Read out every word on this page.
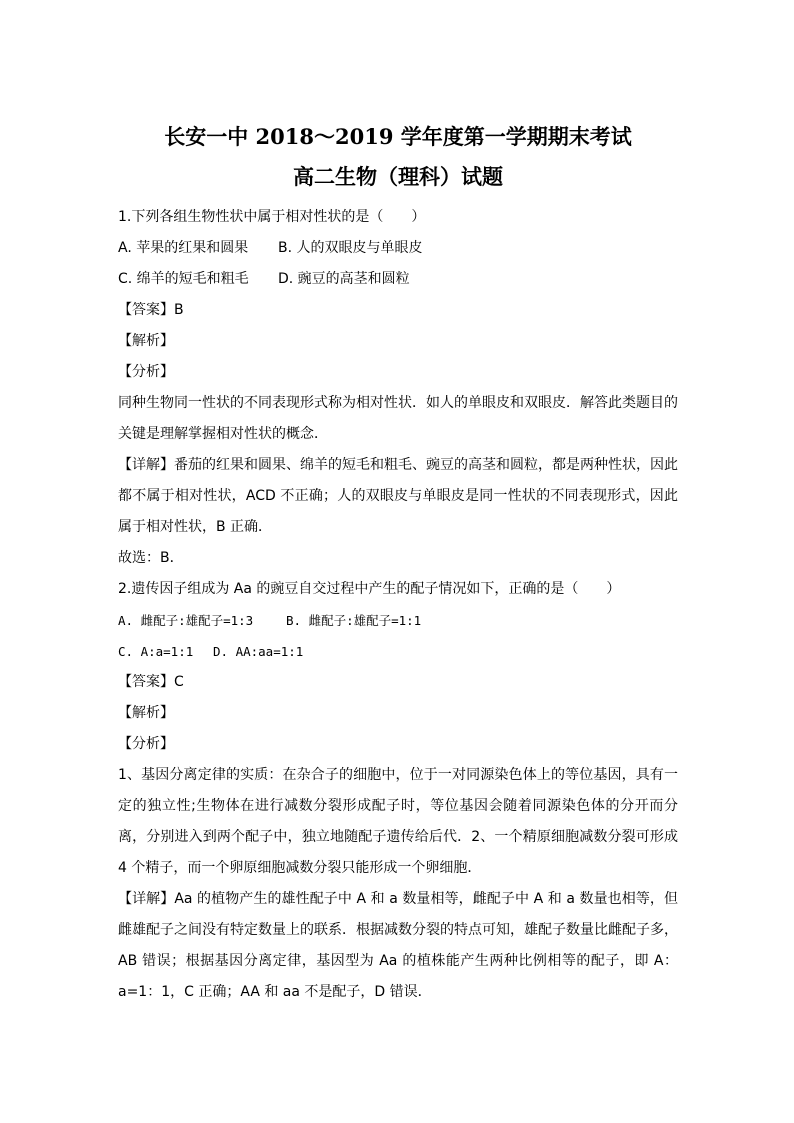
长安一中 2018～2019 学年度第一学期期末考试
高二生物（理科）试题
1.下列各组生物性状中属于相对性状的是（　　）
A. 苹果的红果和圆果	B. 人的双眼皮与单眼皮
C. 绵羊的短毛和粗毛	D. 豌豆的高茎和圆粒
【答案】B
【解析】
【分析】
同种生物同一性状的不同表现形式称为相对性状．如人的单眼皮和双眼皮．解答此类题目的关键是理解掌握相对性状的概念．
【详解】番茄的红果和圆果、绵羊的短毛和粗毛、豌豆的高茎和圆粒，都是两种性状，因此都不属于相对性状，ACD 不正确；人的双眼皮与单眼皮是同一性状的不同表现形式，因此属于相对性状，B 正确．
故选：B．
2.遗传因子组成为 Aa 的豌豆自交过程中产生的配子情况如下，正确的是（　　）
A. 雌配子:雄配子=1:3	B. 雌配子:雄配子=1:1
C. A:a=1:1	D. AA:aa=1:1
【答案】C
【解析】
【分析】
1、基因分离定律的实质：在杂合子的细胞中，位于一对同源染色体上的等位基因，具有一定的独立性;生物体在进行减数分裂形成配子时，等位基因会随着同源染色体的分开而分离，分别进入到两个配子中，独立地随配子遗传给后代．2、一个精原细胞减数分裂可形成 4 个精子，而一个卵原细胞减数分裂只能形成一个卵细胞．
【详解】Aa 的植物产生的雄性配子中 A 和 a 数量相等，雌配子中 A 和 a 数量也相等，但雌雄配子之间没有特定数量上的联系．根据减数分裂的特点可知，雄配子数量比雌配子多，AB 错误；根据基因分离定律，基因型为 Aa 的植株能产生两种比例相等的配子，即 A：a=1：1，C 正确；AA 和 aa 不是配子，D 错误．
